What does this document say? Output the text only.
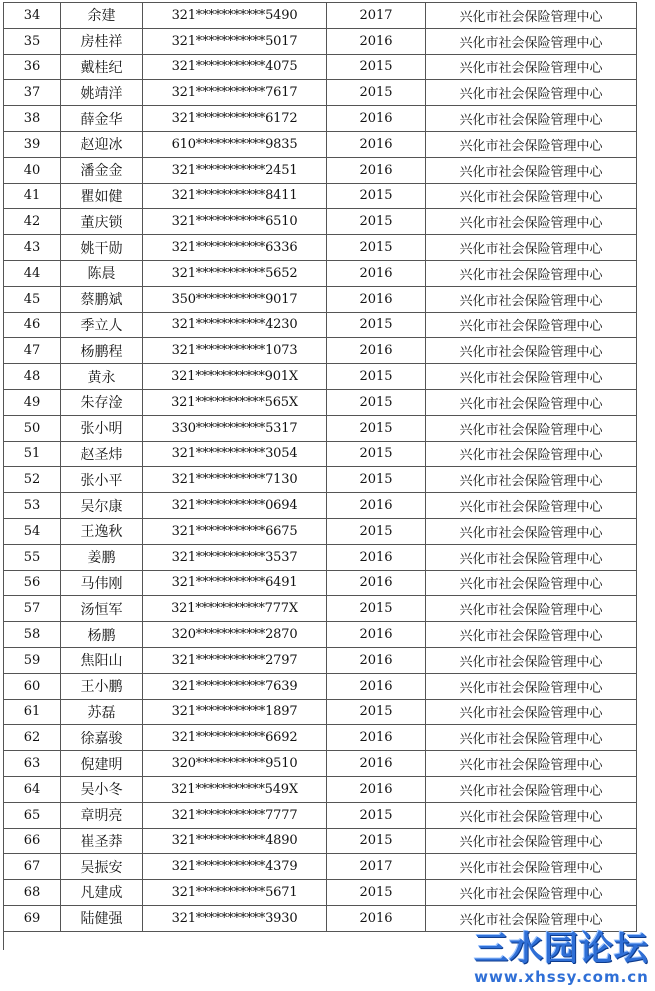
34	余建	321***********5490	2017	兴化市社会保险管理中心
35	房桂祥	321***********5017	2016	兴化市社会保险管理中心
36	戴桂纪	321***********4075	2015	兴化市社会保险管理中心
37	姚靖洋	321***********7617	2015	兴化市社会保险管理中心
38	薛金华	321***********6172	2016	兴化市社会保险管理中心
39	赵迎冰	610***********9835	2016	兴化市社会保险管理中心
40	潘金金	321***********2451	2016	兴化市社会保险管理中心
41	瞿如健	321***********8411	2015	兴化市社会保险管理中心
42	董庆锁	321***********6510	2015	兴化市社会保险管理中心
43	姚干勋	321***********6336	2015	兴化市社会保险管理中心
44	陈晨	321***********5652	2016	兴化市社会保险管理中心
45	蔡鹏斌	350***********9017	2016	兴化市社会保险管理中心
46	季立人	321***********4230	2015	兴化市社会保险管理中心
47	杨鹏程	321***********1073	2016	兴化市社会保险管理中心
48	黄永	321***********901X	2015	兴化市社会保险管理中心
49	朱存淦	321***********565X	2015	兴化市社会保险管理中心
50	张小明	330***********5317	2015	兴化市社会保险管理中心
51	赵圣炜	321***********3054	2015	兴化市社会保险管理中心
52	张小平	321***********7130	2015	兴化市社会保险管理中心
53	吴尔康	321***********0694	2016	兴化市社会保险管理中心
54	王逸秋	321***********6675	2015	兴化市社会保险管理中心
55	姜鹏	321***********3537	2016	兴化市社会保险管理中心
56	马伟刚	321***********6491	2016	兴化市社会保险管理中心
57	汤恒军	321***********777X	2015	兴化市社会保险管理中心
58	杨鹏	320***********2870	2016	兴化市社会保险管理中心
59	焦阳山	321***********2797	2016	兴化市社会保险管理中心
60	王小鹏	321***********7639	2016	兴化市社会保险管理中心
61	苏磊	321***********1897	2015	兴化市社会保险管理中心
62	徐嘉骏	321***********6692	2016	兴化市社会保险管理中心
63	倪建明	320***********9510	2016	兴化市社会保险管理中心
64	吴小冬	321***********549X	2016	兴化市社会保险管理中心
65	章明亮	321***********7777	2015	兴化市社会保险管理中心
66	崔圣莽	321***********4890	2015	兴化市社会保险管理中心
67	吴振安	321***********4379	2017	兴化市社会保险管理中心
68	凡建成	321***********5671	2015	兴化市社会保险管理中心
69	陆健强	321***********3930	2016	兴化市社会保险管理中心
三水园论坛
www.xhssy.com.cn
